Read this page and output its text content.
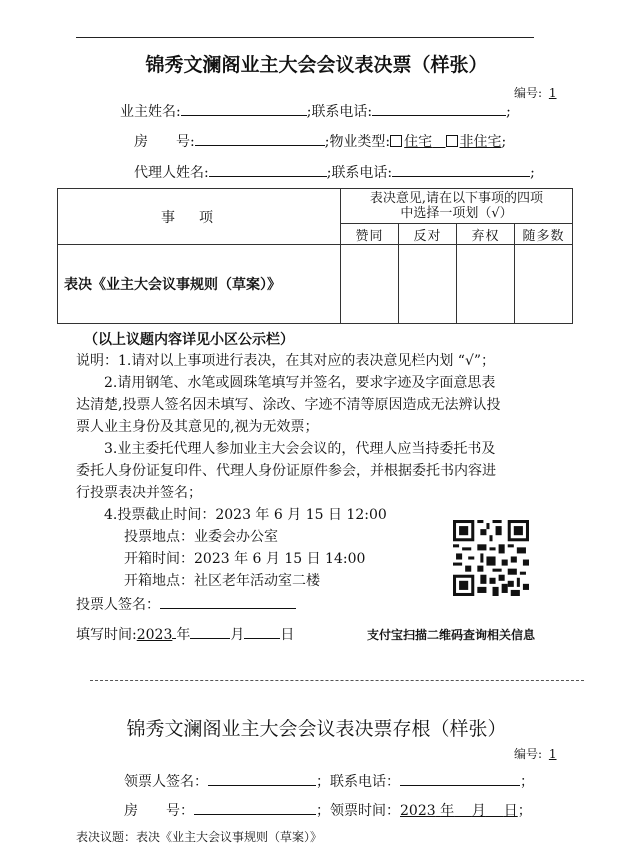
锦秀文澜阁业主大会会议表决票（样张）
编号: 1
业主姓名:	;联系电话:	;
房　　号:	;物业类型: 住宅 非住宅;
代理人姓名:	;联系电话:	;
事项	表决意见,请在以下事项的四项
中选择一项划（√）			

	赞同	反对	弃权	随多数
表决《业主大会议事规则（草案）》				
（以上议题内容详见小区公示栏）
说明：1.请对以上事项进行表决，在其对应的表决意见栏内划 “√”；
2.请用钢笔、水笔或圆珠笔填写并签名，要求字迹及字面意思表
达清楚,投票人签名因未填写、涂改、字迹不清等原因造成无法辨认投
票人业主身份及其意见的,视为无效票；
3.业主委托代理人参加业主大会会议的，代理人应当持委托书及
委托人身份证复印件、代理人身份证原件参会，并根据委托书内容进
行投票表决并签名；
4.投票截止时间：2023 年 6 月 15 日 12:00
投票地点：业委会办公室
开箱时间：2023 年 6 月 15 日 14:00
开箱地点：社区老年活动室二楼
投票人签名：
填写时间:2023 年	月	日	支付宝扫描二维码查询相关信息
锦秀文澜阁业主大会会议表决票存根（样张）
编号: 1
领票人签名：	；联系电话：	；
房　　号：	；领票时间：2023 年 月 日；
表决议题：表决《业主大会议事规则（草案）》
